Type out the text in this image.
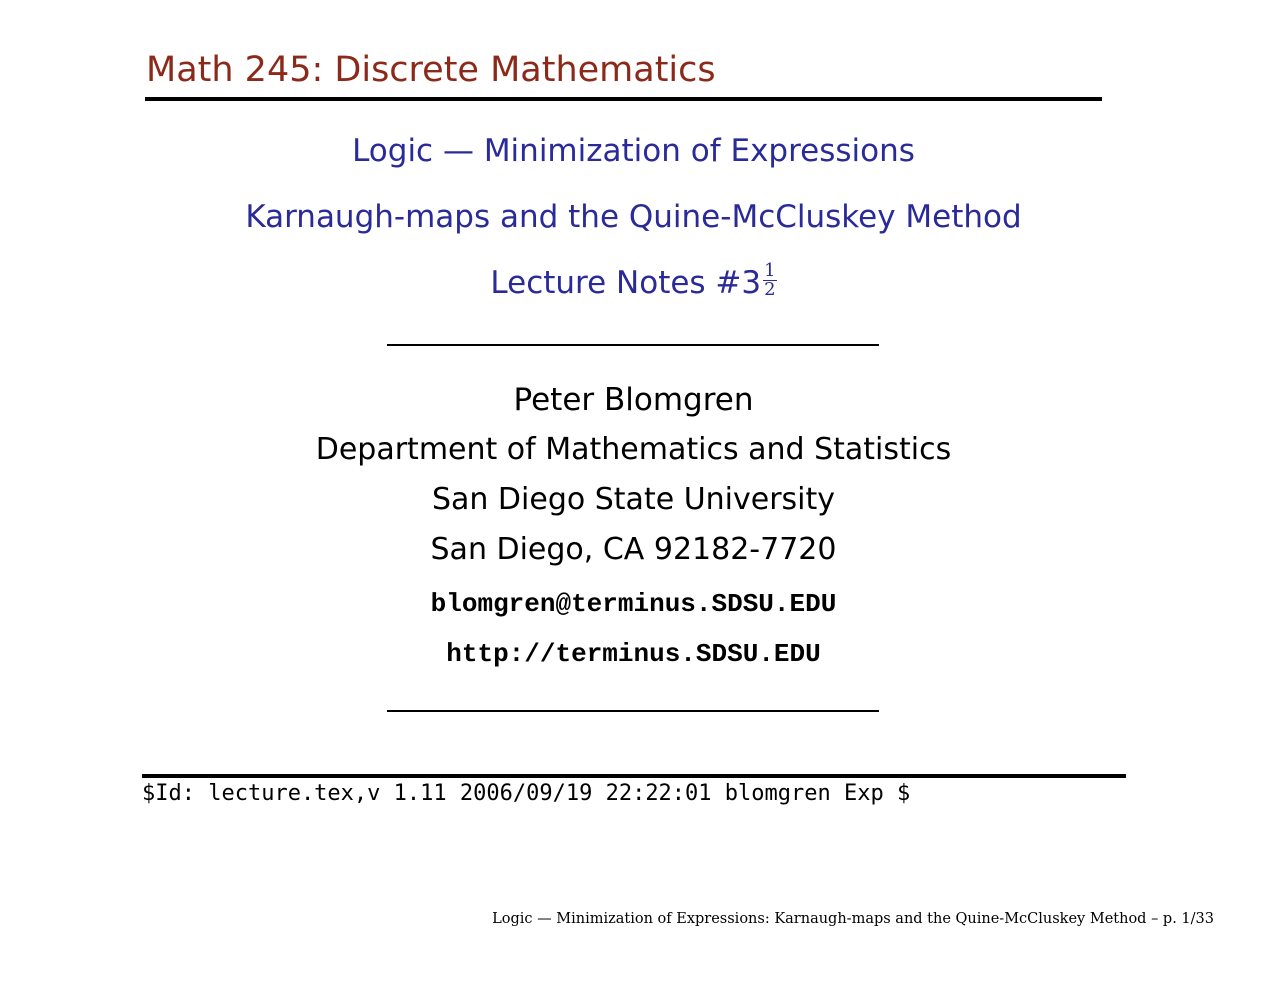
Math 245: Discrete Mathematics
Logic — Minimization of Expressions
Karnaugh-maps and the Quine-McCluskey Method
Lecture Notes #3 $\frac{1}{2}$
Peter Blomgren
Department of Mathematics and Statistics
San Diego State University
San Diego, CA 92182-7720
blomgren@terminus.SDSU.EDU
http://terminus.SDSU.EDU
$Id: lecture.tex,v 1.11 2006/09/19 22:22:01 blomgren Exp $
Logic — Minimization of Expressions: Karnaugh-maps and the Quine-McCluskey Method – p. 1/33
